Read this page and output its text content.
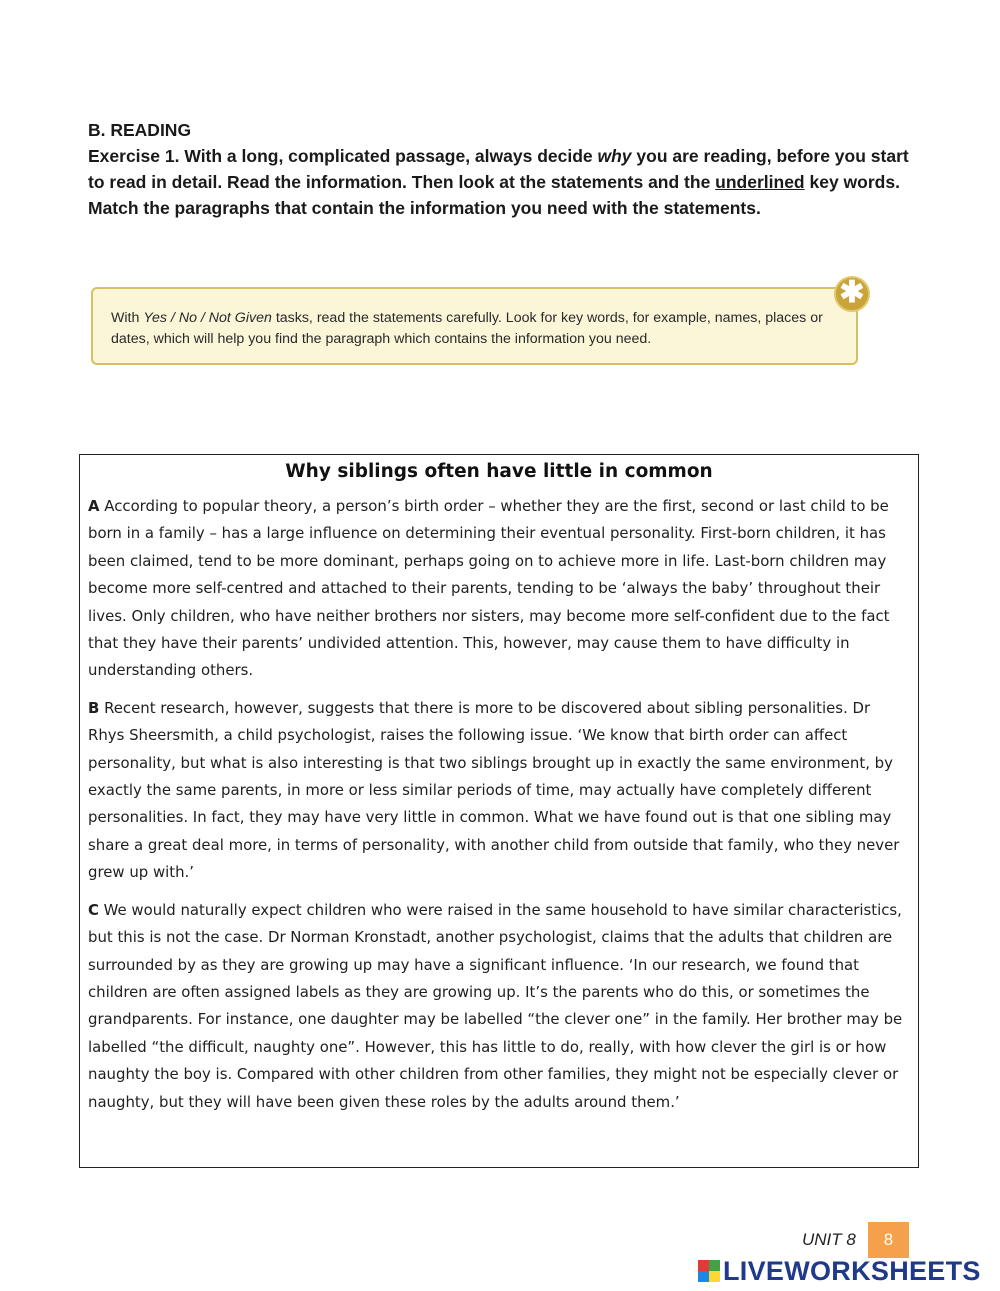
B. READING

Exercise 1. With a long, complicated passage, always decide why you are reading, before you start to read in detail. Read the information. Then look at the statements and the underlined key words. Match the paragraphs that contain the information you need with the statements.

With Yes / No / Not Given tasks, read the statements carefully. Look for key words, for example, names, places or dates, which will help you find the paragraph which contains the information you need.
✱
Why siblings often have little in common

A According to popular theory, a person’s birth order – whether they are the first, second or last child to be born in a family – has a large influence on determining their eventual personality. First-born children, it has been claimed, tend to be more dominant, perhaps going on to achieve more in life. Last-born children may become more self-centred and attached to their parents, tending to be ‘always the baby’ throughout their lives. Only children, who have neither brothers nor sisters, may become more self-confident due to the fact that they have their parents’ undivided attention. This, however, may cause them to have difficulty in understanding others.

B Recent research, however, suggests that there is more to be discovered about sibling personalities. Dr Rhys Sheersmith, a child psychologist, raises the following issue. ‘We know that birth order can affect personality, but what is also interesting is that two siblings brought up in exactly the same environment, by exactly the same parents, in more or less similar periods of time, may actually have completely different personalities. In fact, they may have very little in common. What we have found out is that one sibling may share a great deal more, in terms of personality, with another child from outside that family, who they never grew up with.’

C We would naturally expect children who were raised in the same household to have similar characteristics, but this is not the case. Dr Norman Kronstadt, another psychologist, claims that the adults that children are surrounded by as they are growing up may have a significant influence. ‘In our research, we found that children are often assigned labels as they are growing up. It’s the parents who do this, or sometimes the grandparents. For instance, one daughter may be labelled “the clever one” in the family. Her brother may be labelled “the difficult, naughty one”. However, this has little to do, really, with how clever the girl is or how naughty the boy is. Compared with other children from other families, they might not be especially clever or naughty, but they will have been given these roles by the adults around them.’

UNIT 8	8
LIVEWORKSHEETS
